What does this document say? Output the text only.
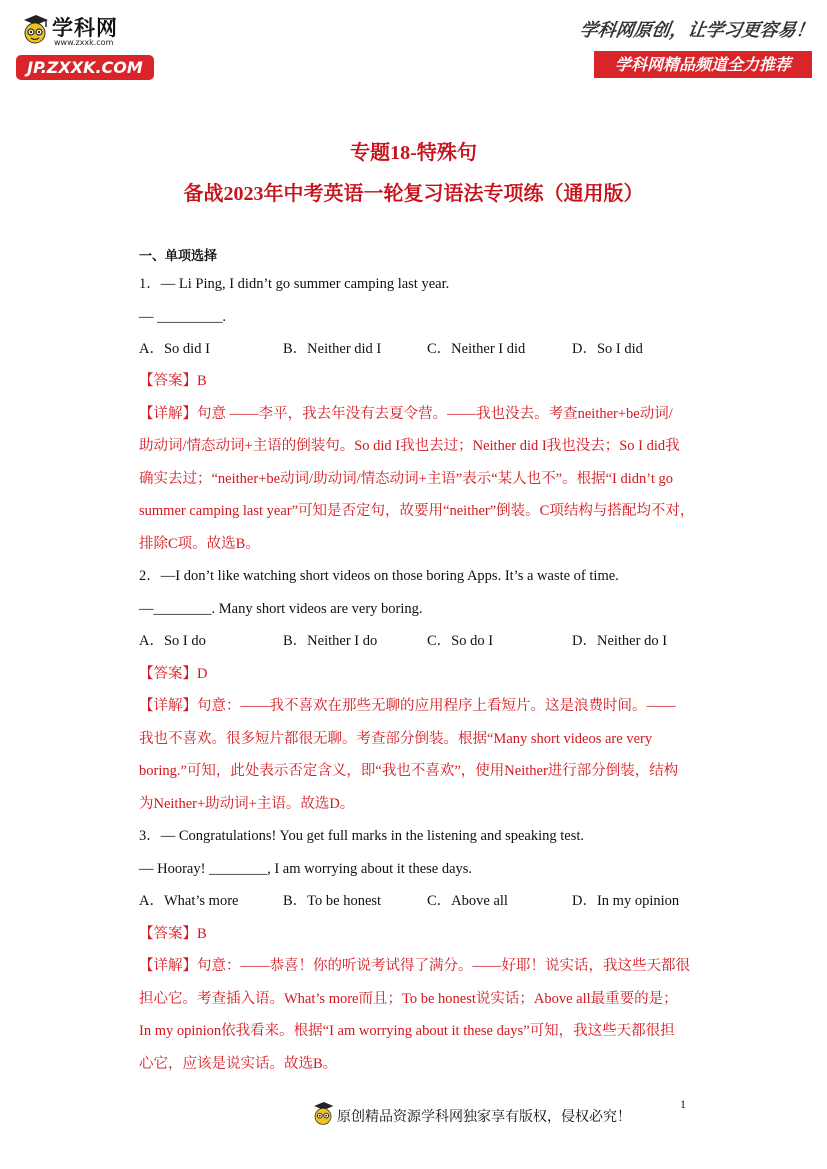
学科网
www.zxxk.com
JP.ZXXK.COM
学科网原创，让学习更容易！
学科网精品频道全力推荐
专题18-特殊句
备战2023年中考英语一轮复习语法专项练（通用版）
一、单项选择
1．— Li Ping, I didn’t go summer camping last year.
— _________.
A．So did I	B．Neither did I	C．Neither I did	D．So I did
【答案】B
【详解】句意 ——李平，我去年没有去夏令营。——我也没去。考查neither+be动词/
助动词/情态动词+主语的倒装句。So did I我也去过；Neither did I我也没去；So I did我
确实去过；“neither+be动词/助动词/情态动词+主语”表示“某人也不”。根据“I didn’t go
summer camping last year”可知是否定句，故要用“neither”倒装。C项结构与搭配均不对，
排除C项。故选B。
2．—I don’t like watching short videos on those boring Apps. It’s a waste of time.
—________. Many short videos are very boring.
A．So I do	B．Neither I do	C．So do I	D．Neither do I
【答案】D
【详解】句意：——我不喜欢在那些无聊的应用程序上看短片。这是浪费时间。——
我也不喜欢。很多短片都很无聊。考查部分倒装。根据“Many short videos are very
boring.”可知，此处表示否定含义，即“我也不喜欢”，使用Neither进行部分倒装，结构
为Neither+助动词+主语。故选D。
3．— Congratulations! You get full marks in the listening and speaking test.
— Hooray! ________, I am worrying about it these days.
A．What’s more	B．To be honest	C．Above all	D．In my opinion
【答案】B
【详解】句意：——恭喜！你的听说考试得了满分。——好耶！说实话，我这些天都很
担心它。考查插入语。What’s more而且；To be honest说实话；Above all最重要的是；
In my opinion依我看来。根据“I am worrying about it these days”可知，我这些天都很担
心它，应该是说实话。故选B。
原创精品资源学科网独家享有版权，侵权必究！
1
